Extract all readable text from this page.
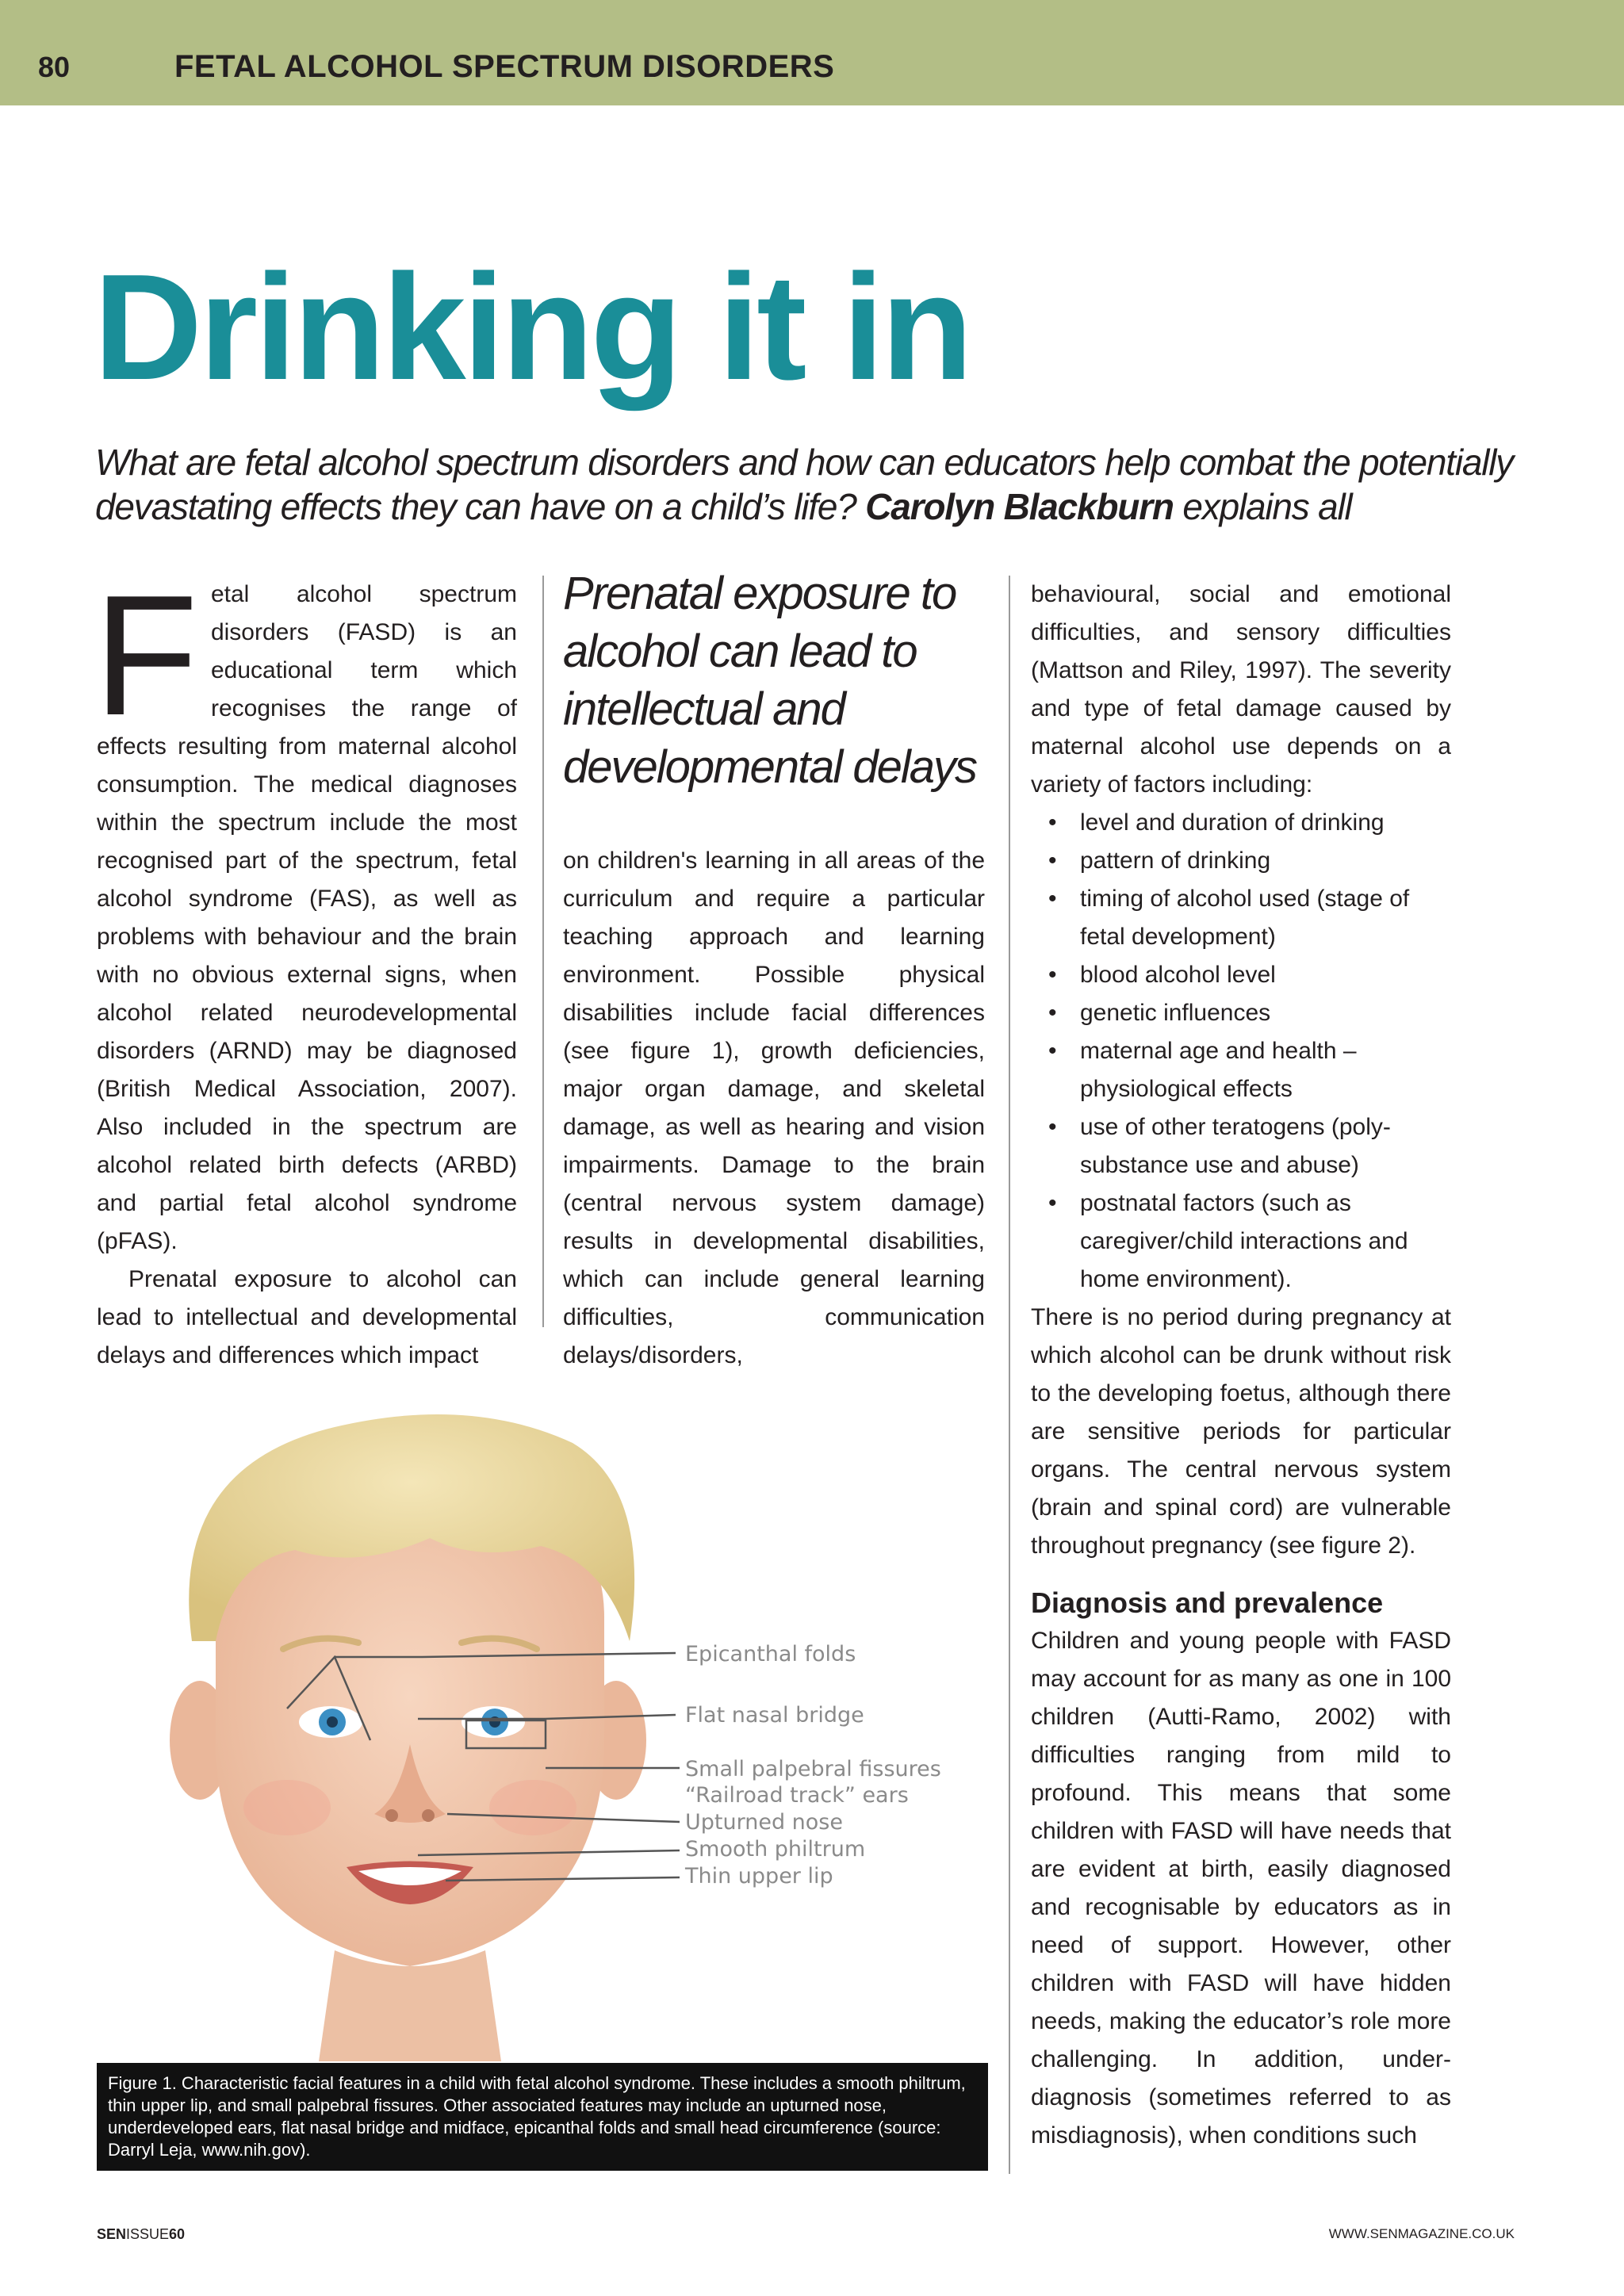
80	FETAL ALCOHOL SPECTRUM DISORDERS
Drinking it in
What are fetal alcohol spectrum disorders and how can educators help combat the potentially devastating effects they can have on a child’s life? Carolyn Blackburn explains all

Fetal alcohol spectrum disorders (FASD) is an educational term which recognises the range of effects resulting from maternal alcohol consumption. The medical diagnoses within the spectrum include the most recognised part of the spectrum, fetal alcohol syndrome (FAS), as well as problems with behaviour and the brain with no obvious external signs, when alcohol related neurodevelopmental disorders (ARND) may be diagnosed (British Medical Association, 2007). Also included in the spectrum are alcohol related birth defects (ARBD) and partial fetal alcohol syndrome (pFAS).

Prenatal exposure to alcohol can lead to intellectual and developmental delays and differences which impact

Prenatal exposure to alcohol can lead to intellectual and developmental delays

on children's learning in all areas of the curriculum and require a particular teaching approach and learning environment. Possible physical disabilities include facial differences (see figure 1), growth deficiencies, major organ damage, and skeletal damage, as well as hearing and vision impairments. Damage to the brain (central nervous system damage) results in developmental disabilities, which can include general learning difficulties, communication delays/disorders,

behavioural, social and emotional difficulties, and sensory difficulties (Mattson and Riley, 1997). The severity and type of fetal damage caused by maternal alcohol use depends on a variety of factors including:

• level and duration of drinking
• pattern of drinking
• timing of alcohol used (stage of fetal development)
• blood alcohol level
• genetic influences
• maternal age and health – physiological effects
• use of other teratogens (poly-substance use and abuse)
• postnatal factors (such as caregiver/child interactions and home environment).

There is no period during pregnancy at which alcohol can be drunk without risk to the developing foetus, although there are sensitive periods for particular organs. The central nervous system (brain and spinal cord) are vulnerable throughout pregnancy (see figure 2).

Diagnosis and prevalence

Children and young people with FASD may account for as many as one in 100 children (Autti-Ramo, 2002) with difficulties ranging from mild to profound. This means that some children with FASD will have needs that are evident at birth, easily diagnosed and recognisable by educators as in need of support. However, other children with FASD will have hidden needs, making the educator’s role more challenging. In addition, under-diagnosis (sometimes referred to as misdiagnosis), when conditions such

Epicanthal folds
Flat nasal bridge
Small palpebral fissures
“Railroad track” ears
Upturned nose
Smooth philtrum
Thin upper lip
Figure 1. Characteristic facial features in a child with fetal alcohol syndrome. These includes a smooth philtrum, thin upper lip, and small palpebral fissures. Other associated features may include an upturned nose, underdeveloped ears, flat nasal bridge and midface, epicanthal folds and small head circumference (source: Darryl Leja, www.nih.gov).
SENISSUE60	WWW.SENMAGAZINE.CO.UK
